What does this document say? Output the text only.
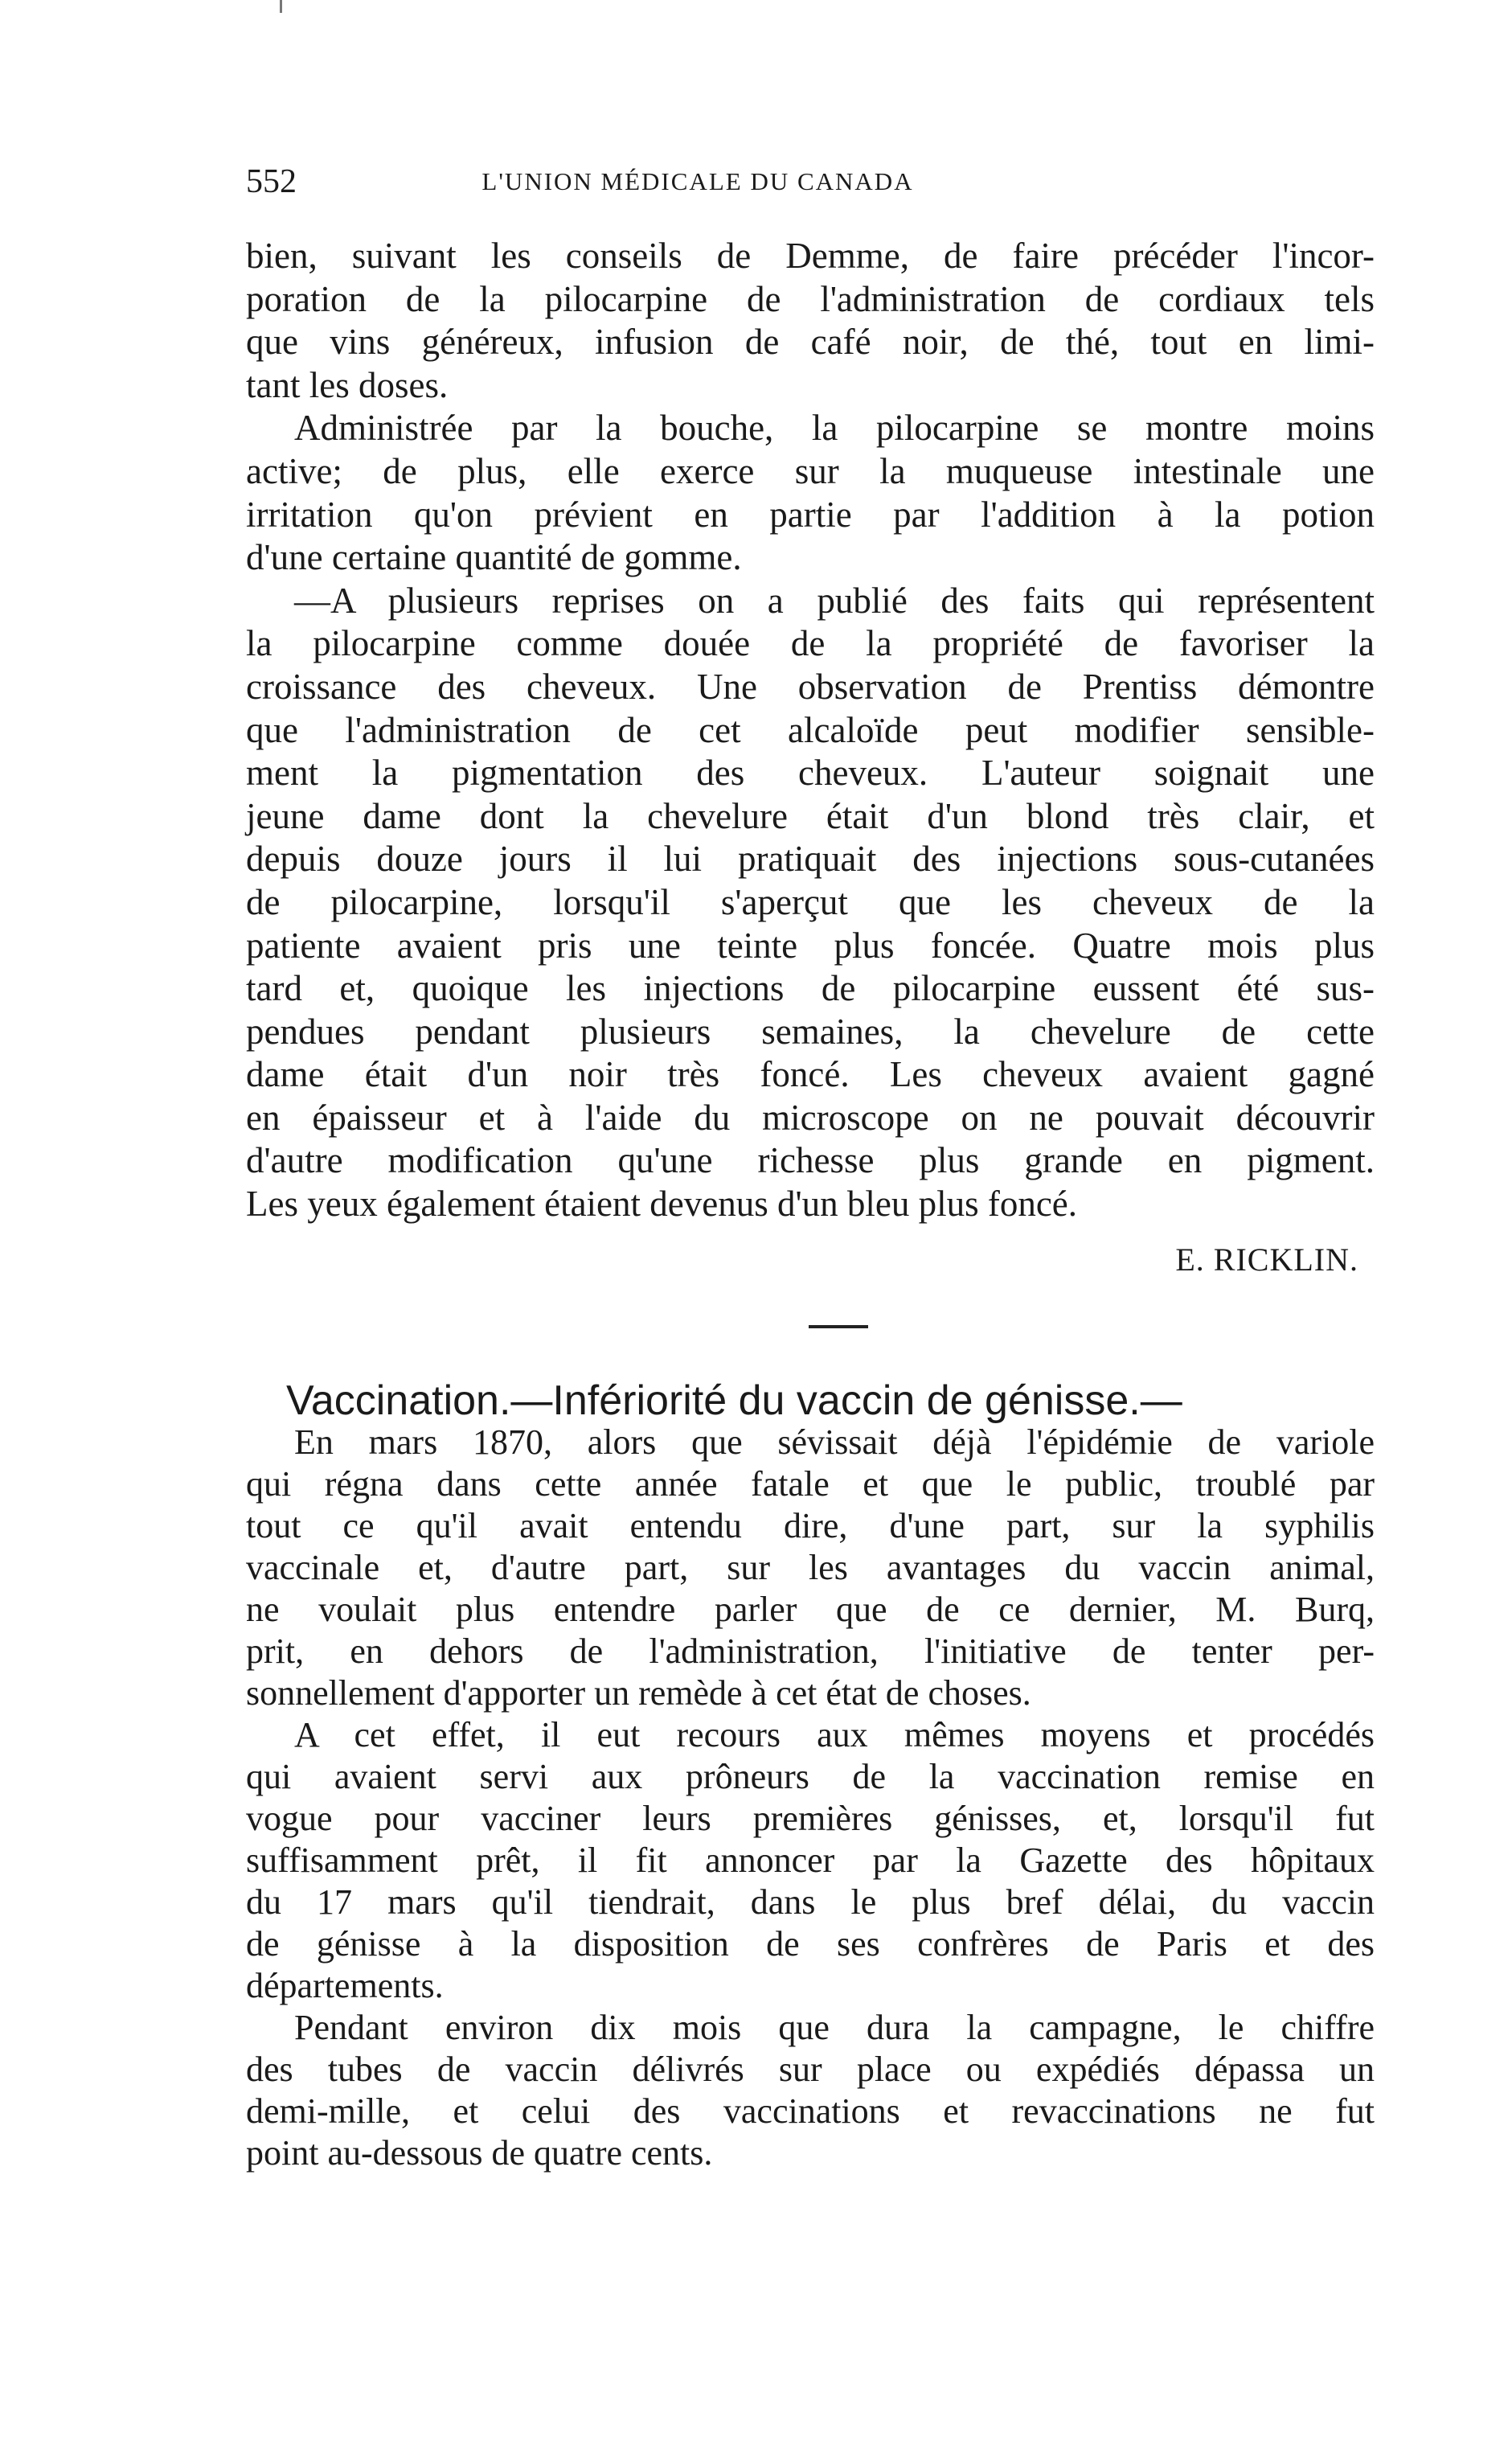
552	L'UNION MÉDICALE DU CANADA
bien, suivant les conseils de Demme, de faire précéder l'incor-
poration de la pilocarpine de l'administration de cordiaux tels
que vins généreux, infusion de café noir, de thé, tout en limi-
tant les doses.
Administrée par la bouche, la pilocarpine se montre moins
active; de plus, elle exerce sur la muqueuse intestinale une
irritation qu'on prévient en partie par l'addition à la potion
d'une certaine quantité de gomme.
—A plusieurs reprises on a publié des faits qui représentent
la pilocarpine comme douée de la propriété de favoriser la
croissance des cheveux. Une observation de Prentiss démontre
que l'administration de cet alcaloïde peut modifier sensible-
ment la pigmentation des cheveux. L'auteur soignait une
jeune dame dont la chevelure était d'un blond très clair, et
depuis douze jours il lui pratiquait des injections sous-cutanées
de pilocarpine, lorsqu'il s'aperçut que les cheveux de la
patiente avaient pris une teinte plus foncée. Quatre mois plus
tard et, quoique les injections de pilocarpine eussent été sus-
pendues pendant plusieurs semaines, la chevelure de cette
dame était d'un noir très foncé. Les cheveux avaient gagné
en épaisseur et à l'aide du microscope on ne pouvait découvrir
d'autre modification qu'une richesse plus grande en pigment.
Les yeux également étaient devenus d'un bleu plus foncé.
E. RICKLIN.
Vaccination.—Infériorité du vaccin de génisse.—
En mars 1870, alors que sévissait déjà l'épidémie de variole
qui régna dans cette année fatale et que le public, troublé par
tout ce qu'il avait entendu dire, d'une part, sur la syphilis
vaccinale et, d'autre part, sur les avantages du vaccin animal,
ne voulait plus entendre parler que de ce dernier, M. Burq,
prit, en dehors de l'administration, l'initiative de tenter per-
sonnellement d'apporter un remède à cet état de choses.
A cet effet, il eut recours aux mêmes moyens et procédés
qui avaient servi aux prôneurs de la vaccination remise en
vogue pour vacciner leurs premières génisses, et, lorsqu'il fut
suffisamment prêt, il fit annoncer par la Gazette des hôpitaux
du 17 mars qu'il tiendrait, dans le plus bref délai, du vaccin
de génisse à la disposition de ses confrères de Paris et des
départements.
Pendant environ dix mois que dura la campagne, le chiffre
des tubes de vaccin délivrés sur place ou expédiés dépassa un
demi-mille, et celui des vaccinations et revaccinations ne fut
point au-dessous de quatre cents.
